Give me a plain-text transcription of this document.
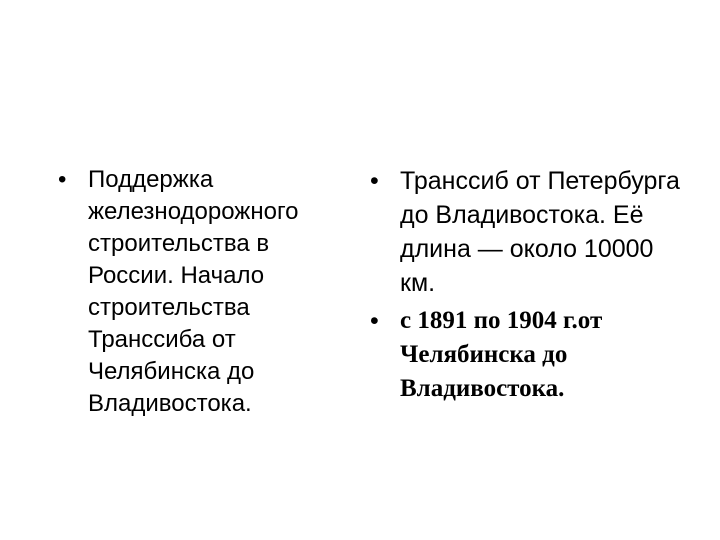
• Поддержка железнодорожного строительства в России. Начало строительства Транссиба от Челябинска до Владивостока.
• Транссиб от Петербурга до Владивостока. Её длина — около 10000 км.
• с 1891 по 1904 г.от Челябинска до Владивостока.
